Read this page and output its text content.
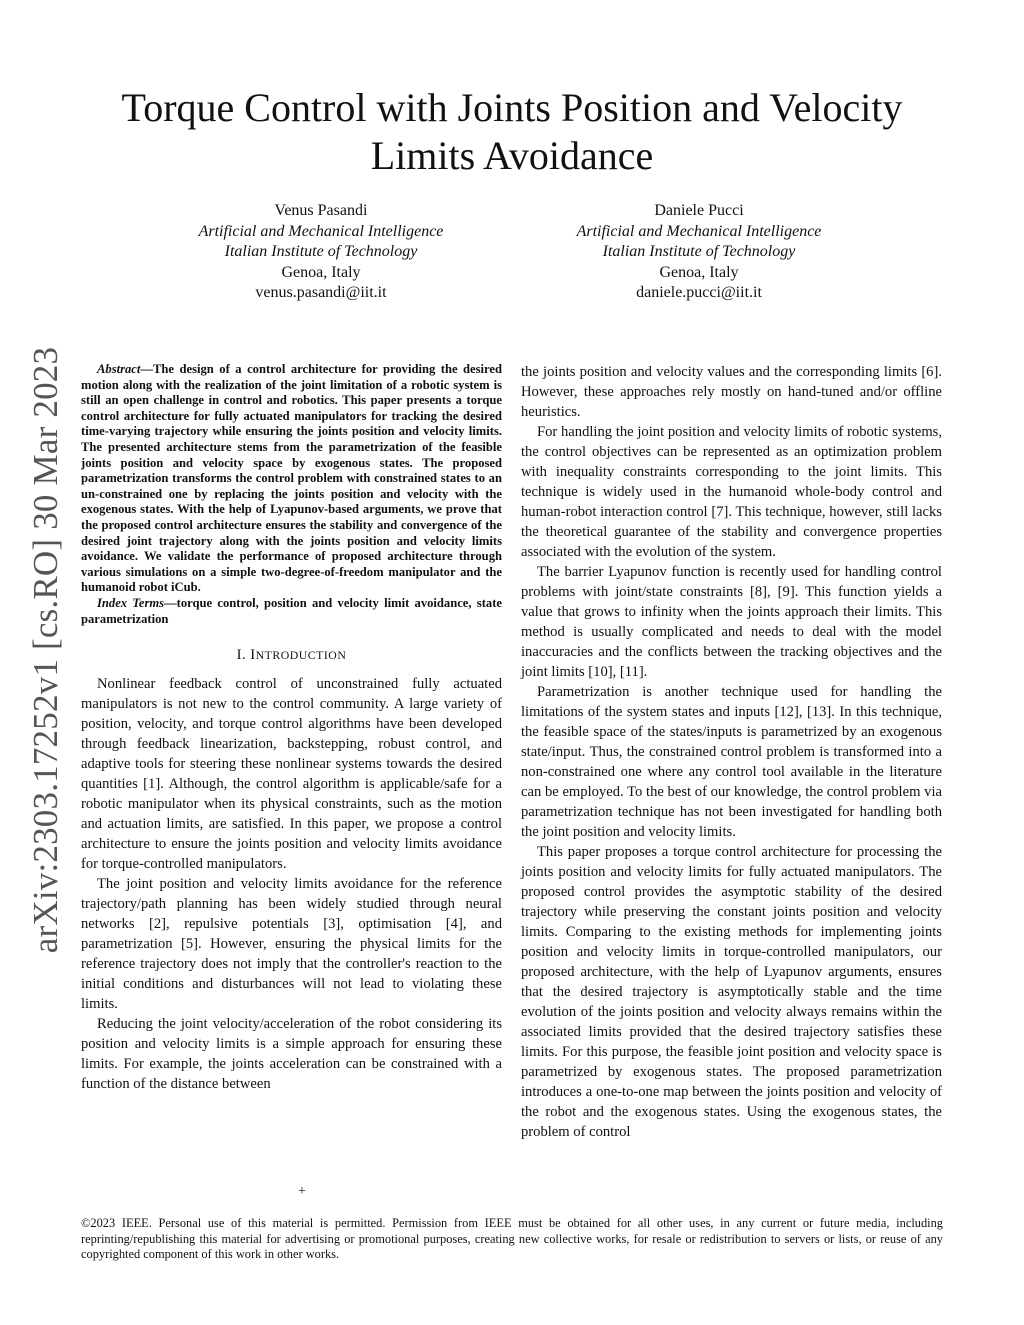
Torque Control with Joints Position and Velocity Limits Avoidance
Venus Pasandi
Artificial and Mechanical Intelligence
Italian Institute of Technology
Genoa, Italy
venus.pasandi@iit.it
Daniele Pucci
Artificial and Mechanical Intelligence
Italian Institute of Technology
Genoa, Italy
daniele.pucci@iit.it
arXiv:2303.17252v1 [cs.RO] 30 Mar 2023	Abstract—The design of a control architecture for providing the desired motion along with the realization of the joint limitation of a robotic system is still an open challenge in control and robotics. This paper presents a torque control architecture for fully actuated manipulators for tracking the desired time-varying trajectory while ensuring the joints position and velocity limits. The presented architecture stems from the parametrization of the feasible joints position and velocity space by exogenous states. The proposed parametrization transforms the control problem with constrained states to an un-constrained one by replacing the joints position and velocity with the exogenous states. With the help of Lyapunov-based arguments, we prove that the proposed control architecture ensures the stability and convergence of the desired joint trajectory along with the joints position and velocity limits avoidance. We validate the performance of proposed architecture through various simulations on a simple two-degree-of-freedom manipulator and the humanoid robot iCub.

Index Terms—torque control, position and velocity limit avoidance, state parametrization

I. INTRODUCTION

Nonlinear feedback control of unconstrained fully actuated manipulators is not new to the control community. A large variety of position, velocity, and torque control algorithms have been developed through feedback linearization, backstepping, robust control, and adaptive tools for steering these nonlinear systems towards the desired quantities [1]. Although, the control algorithm is applicable/safe for a robotic manipulator when its physical constraints, such as the motion and actuation limits, are satisfied. In this paper, we propose a control architecture to ensure the joints position and velocity limits avoidance for torque-controlled manipulators.

The joint position and velocity limits avoidance for the reference trajectory/path planning has been widely studied through neural networks [2], repulsive potentials [3], optimisation [4], and parametrization [5]. However, ensuring the physical limits for the reference trajectory does not imply that the controller's reaction to the initial conditions and disturbances will not lead to violating these limits.

Reducing the joint velocity/acceleration of the robot considering its position and velocity limits is a simple approach for ensuring these limits. For example, the joints acceleration can be constrained with a function of the distance between

+

the joints position and velocity values and the corresponding limits [6]. However, these approaches rely mostly on hand-tuned and/or offline heuristics.

For handling the joint position and velocity limits of robotic systems, the control objectives can be represented as an optimization problem with inequality constraints corresponding to the joint limits. This technique is widely used in the humanoid whole-body control and human-robot interaction control [7]. This technique, however, still lacks the theoretical guarantee of the stability and convergence properties associated with the evolution of the system.

The barrier Lyapunov function is recently used for handling control problems with joint/state constraints [8], [9]. This function yields a value that grows to infinity when the joints approach their limits. This method is usually complicated and needs to deal with the model inaccuracies and the conflicts between the tracking objectives and the joint limits [10], [11].

Parametrization is another technique used for handling the limitations of the system states and inputs [12], [13]. In this technique, the feasible space of the states/inputs is parametrized by an exogenous state/input. Thus, the constrained control problem is transformed into a non-constrained one where any control tool available in the literature can be employed. To the best of our knowledge, the control problem via parametrization technique has not been investigated for handling both the joint position and velocity limits.

This paper proposes a torque control architecture for processing the joints position and velocity limits for fully actuated manipulators. The proposed control provides the asymptotic stability of the desired trajectory while preserving the constant joints position and velocity limits. Comparing to the existing methods for implementing joints position and velocity limits in torque-controlled manipulators, our proposed architecture, with the help of Lyapunov arguments, ensures that the desired trajectory is asymptotically stable and the time evolution of the joints position and velocity always remains within the associated limits provided that the desired trajectory satisfies these limits. For this purpose, the feasible joint position and velocity space is parametrized by exogenous states. The proposed parametrization introduces a one-to-one map between the joints position and velocity of the robot and the exogenous states. Using the exogenous states, the problem of control

©2023 IEEE. Personal use of this material is permitted. Permission from IEEE must be obtained for all other uses, in any current or future media, including reprinting/republishing this material for advertising or promotional purposes, creating new collective works, for resale or redistribution to servers or lists, or reuse of any copyrighted component of this work in other works.
